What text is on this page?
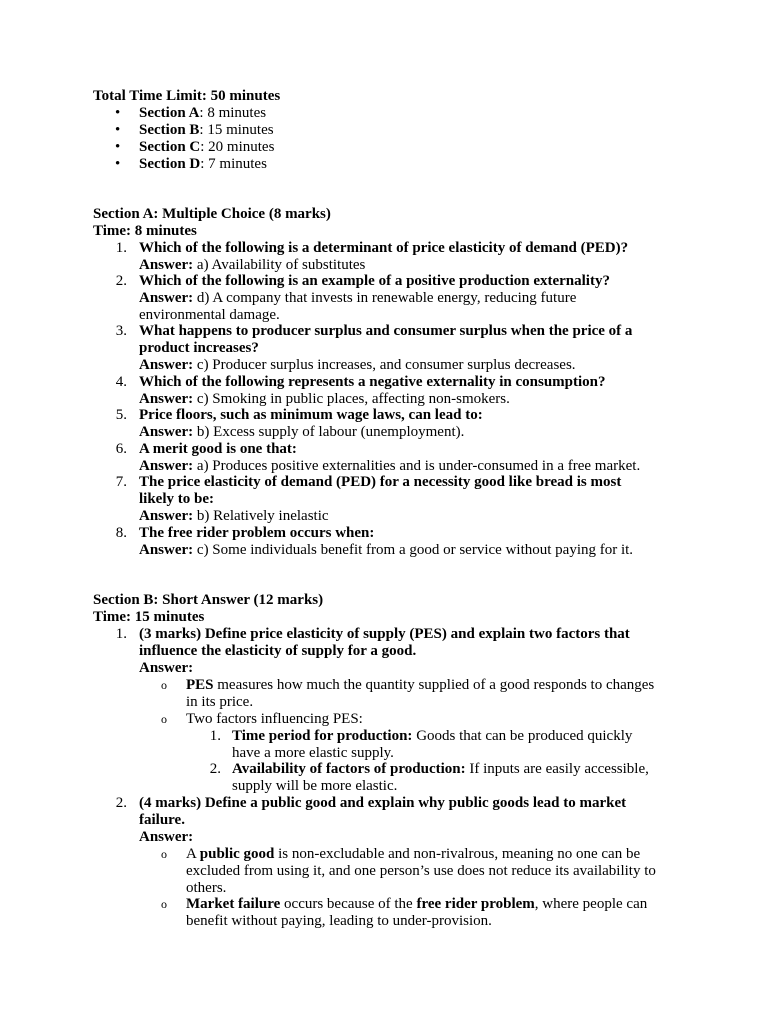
Total Time Limit: 50 minutes
• Section A: 8 minutes
• Section B: 15 minutes
• Section C: 20 minutes
• Section D: 7 minutes
Section A: Multiple Choice (8 marks)
Time: 8 minutes
1. Which of the following is a determinant of price elasticity of demand (PED)?
Answer: a) Availability of substitutes
2. Which of the following is an example of a positive production externality?
Answer: d) A company that invests in renewable energy, reducing future
environmental damage.
3. What happens to producer surplus and consumer surplus when the price of a
product increases?
Answer: c) Producer surplus increases, and consumer surplus decreases.
4. Which of the following represents a negative externality in consumption?
Answer: c) Smoking in public places, affecting non-smokers.
5. Price floors, such as minimum wage laws, can lead to:
Answer: b) Excess supply of labour (unemployment).
6. A merit good is one that:
Answer: a) Produces positive externalities and is under-consumed in a free market.
7. The price elasticity of demand (PED) for a necessity good like bread is most
likely to be:
Answer: b) Relatively inelastic
8. The free rider problem occurs when:
Answer: c) Some individuals benefit from a good or service without paying for it.
Section B: Short Answer (12 marks)
Time: 15 minutes
1. (3 marks) Define price elasticity of supply (PES) and explain two factors that
influence the elasticity of supply for a good.
Answer:
o PES measures how much the quantity supplied of a good responds to changes
in its price.
o Two factors influencing PES:
1. Time period for production: Goods that can be produced quickly
have a more elastic supply.
2. Availability of factors of production: If inputs are easily accessible,
supply will be more elastic.
2. (4 marks) Define a public good and explain why public goods lead to market
failure.
Answer:
o A public good is non-excludable and non-rivalrous, meaning no one can be
excluded from using it, and one person’s use does not reduce its availability to
others.
o Market failure occurs because of the free rider problem, where people can
benefit without paying, leading to under-provision.
